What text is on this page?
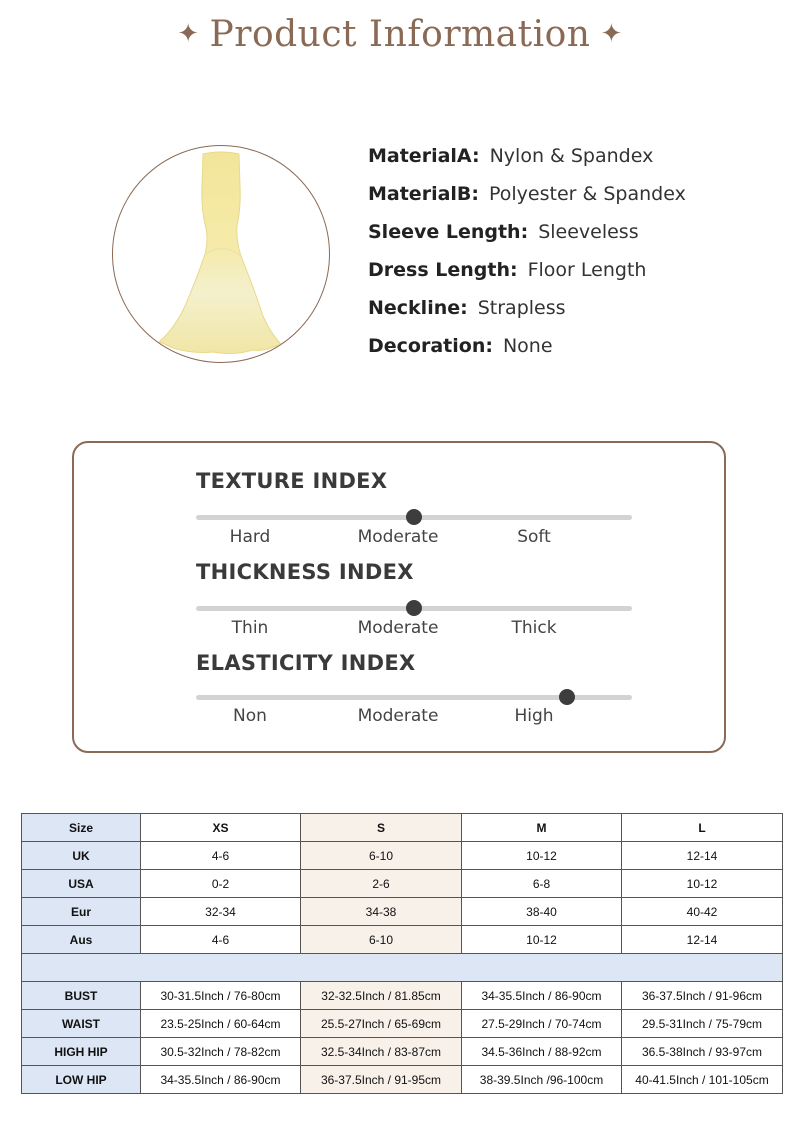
✦ Product Information ✦
MaterialA: Nylon & Spandex
MaterialB: Polyester & Spandex
Sleeve Length: Sleeveless
Dress Length: Floor Length
Neckline: Strapless
Decoration: None
TEXTURE INDEX
Hard	Moderate	Soft
THICKNESS INDEX
Thin	Moderate	Thick
ELASTICITY INDEX
Non	Moderate	High
Size	XS	S	M	L
UK	4-6	6-10	10-12	12-14
USA	0-2	2-6	6-8	10-12
Eur	32-34	34-38	38-40	40-42
Aus	4-6	6-10	10-12	12-14

BUST	30-31.5Inch / 76-80cm	32-32.5Inch / 81.85cm	34-35.5Inch / 86-90cm	36-37.5Inch / 91-96cm
WAIST	23.5-25Inch / 60-64cm	25.5-27Inch / 65-69cm	27.5-29Inch / 70-74cm	29.5-31Inch / 75-79cm
HIGH HIP	30.5-32Inch / 78-82cm	32.5-34Inch / 83-87cm	34.5-36Inch / 88-92cm	36.5-38Inch / 93-97cm
LOW HIP	34-35.5Inch / 86-90cm	36-37.5Inch / 91-95cm	38-39.5Inch /96-100cm	40-41.5Inch / 101-105cm
